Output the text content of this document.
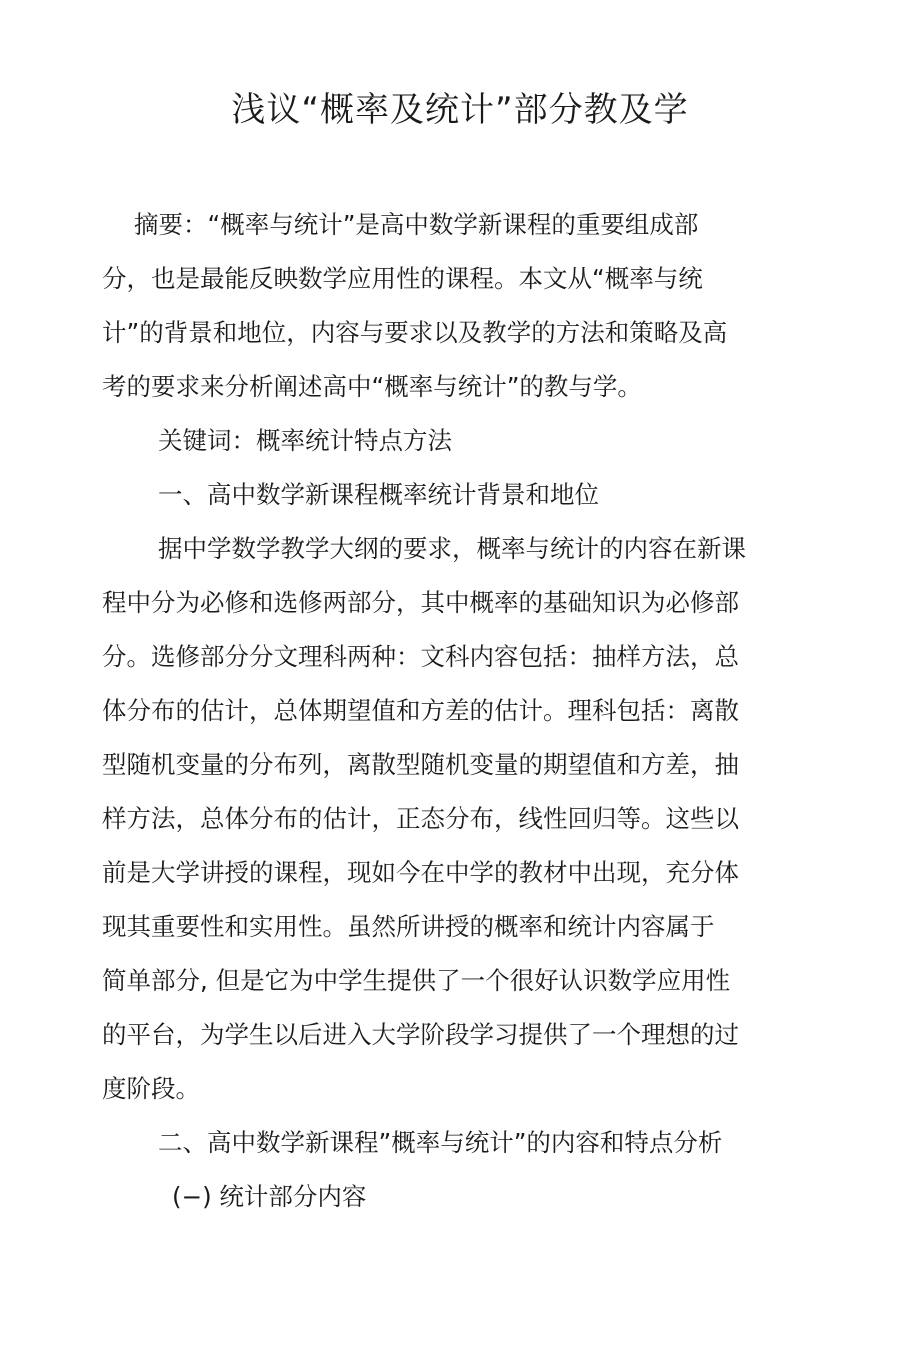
浅议“概率及统计”部分教及学
摘要：“概率与统计”是高中数学新课程的重要组成部
分，也是最能反映数学应用性的课程。本文从“概率与统
计”的背景和地位，内容与要求以及教学的方法和策略及高
考的要求来分析阐述高中“概率与统计”的教与学。
关键词：概率统计特点方法
一、高中数学新课程概率统计背景和地位
据中学数学教学大纲的要求，概率与统计的内容在新课
程中分为必修和选修两部分，其中概率的基础知识为必修部
分。选修部分分文理科两种：文科内容包括：抽样方法，总
体分布的估计，总体期望值和方差的估计。理科包括：离散
型随机变量的分布列，离散型随机变量的期望值和方差，抽
样方法，总体分布的估计，正态分布，线性回归等。这些以
前是大学讲授的课程，现如今在中学的教材中出现，充分体
现其重要性和实用性。虽然所讲授的概率和统计内容属于
简单部分, 但是它为中学生提供了一个很好认识数学应用性
的平台，为学生以后进入大学阶段学习提供了一个理想的过
度阶段。
二、高中数学新课程”概率与统计”的内容和特点分析
(−) 统计部分内容
